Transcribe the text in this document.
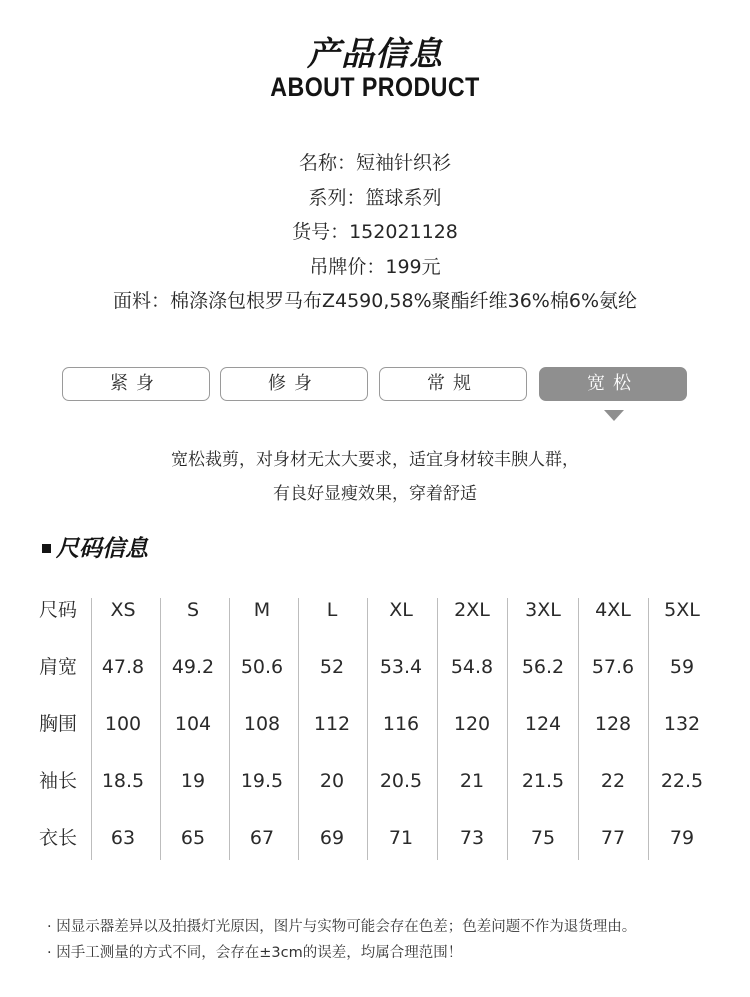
产品信息
ABOUT PRODUCT
名称：短袖针织衫
系列：篮球系列
货号：152021128
吊牌价：199元
面料：棉涤涤包根罗马布Z4590,58%聚酯纤维36%棉6%氨纶
紧身	修身	常规	宽松
宽松裁剪，对身材无太大要求，适宜身材较丰腴人群，
有良好显瘦效果，穿着舒适
尺码信息
尺码	XS	S	M	L	XL	2XL	3XL	4XL	5XL
肩宽	47.8	49.2	50.6	52	53.4	54.8	56.2	57.6	59
胸围	100	104	108	112	116	120	124	128	132
袖长	18.5	19	19.5	20	20.5	21	21.5	22	22.5
衣长	63	65	67	69	71	73	75	77	79
· 因显示器差异以及拍摄灯光原因，图片与实物可能会存在色差；色差问题不作为退货理由。
· 因手工测量的方式不同，会存在±3cm的误差，均属合理范围！
